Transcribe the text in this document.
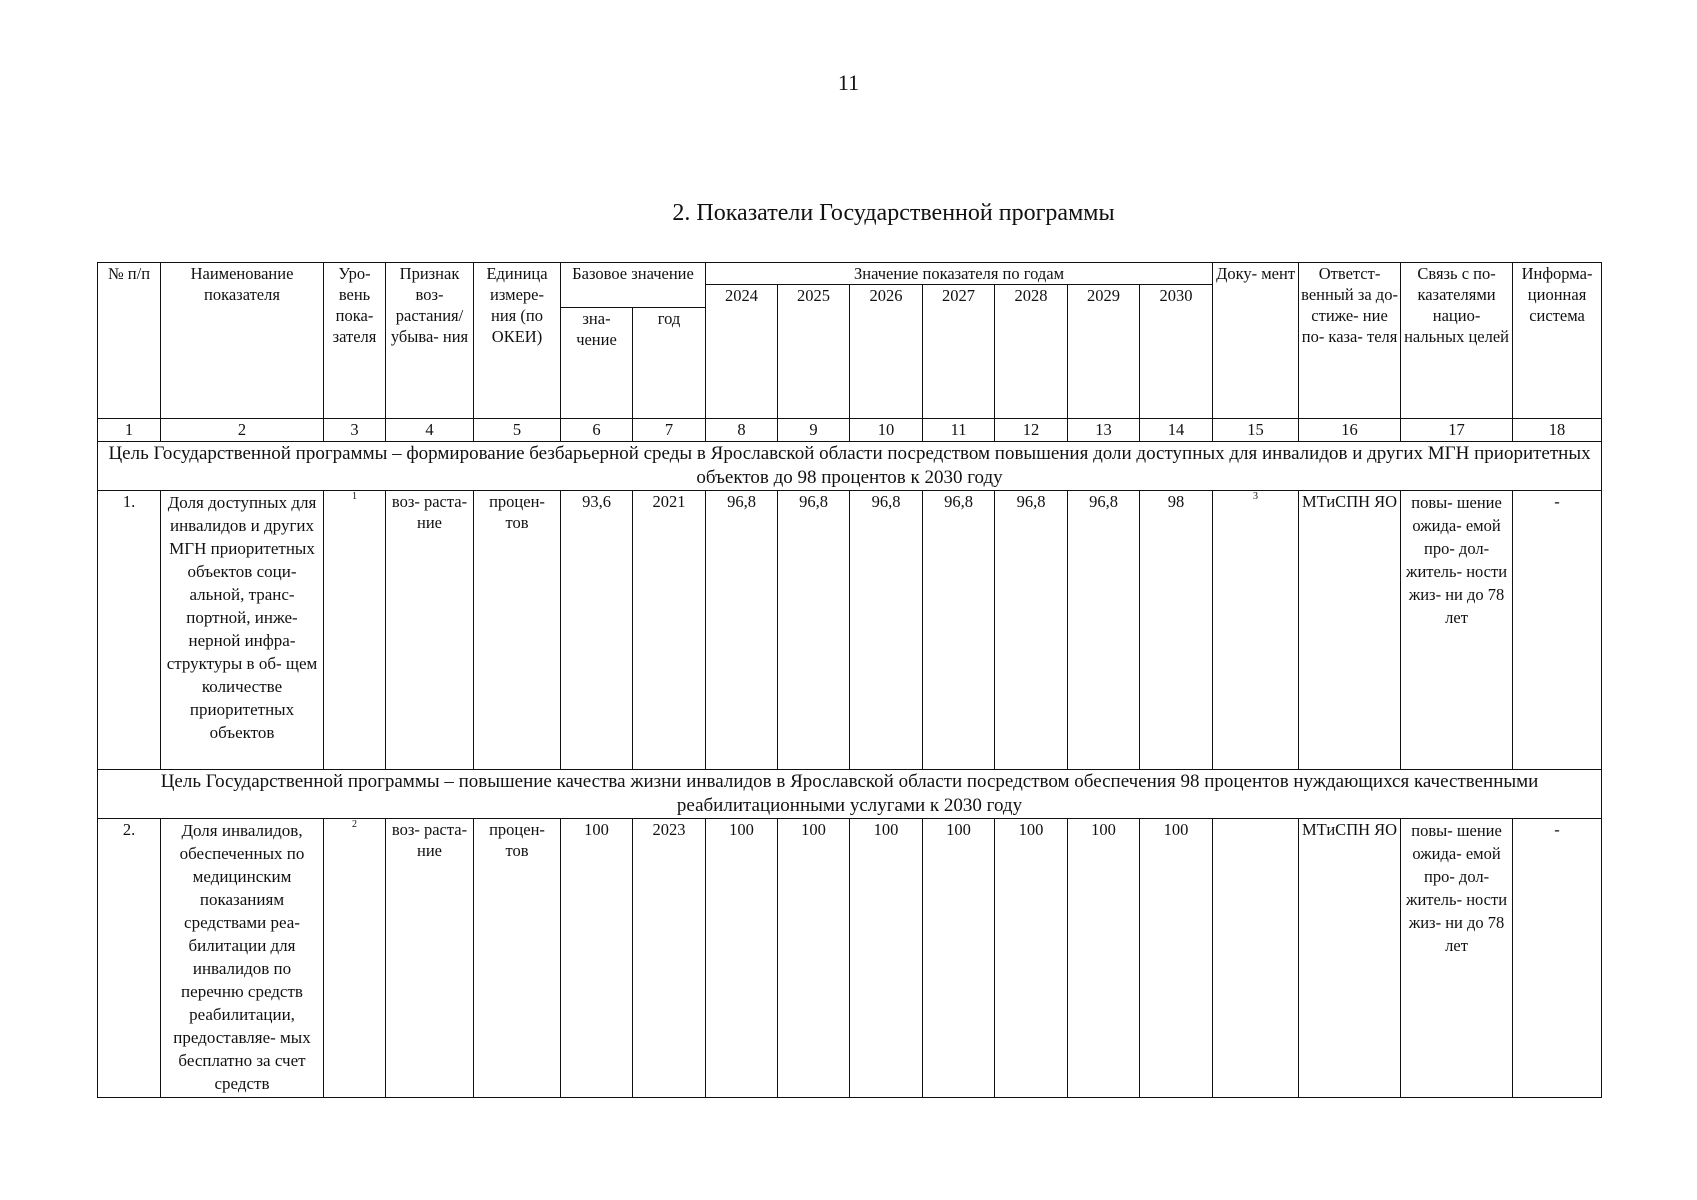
11
2. Показатели Государственной программы
№ п/п	Наименование показателя	Уро- вень пока- зателя	Признак воз- растания/ убыва- ния	Единица измере- ния (по ОКЕИ)	Базовое значение		Значение показателя по годам							Доку- мент	Ответст- венный за до- стиже- ние по- каза- теля	Связь с по- казателями нацио- нальных целей	Информа- ционная система
							2024	2025	2026	2027	2028	2029	2030				
					зна- чение	год											
1	2	3	4	5	6	7	8	9	10	11	12	13	14	15	16	17	18
Цель Государственной программы – формирование безбарьерной среды в Ярославской области посредством повышения доли доступных для инвалидов и других МГН приоритетных объектов до 98 процентов к 2030 году																	
1.	Доля доступных для инвалидов и других МГН приоритетных объектов соци- альной, транс- портной, инже- нерной инфра- структуры в об- щем количестве приоритетных объектов	$^1$	воз- раста- ние	процен- тов	93,6	2021	96,8	96,8	96,8	96,8	96,8	96,8	98	$^3$	МТиСПН ЯО	повы- шение ожида- емой про- дол- житель- ности жиз- ни до 78 лет	-
Цель Государственной программы – повышение качества жизни инвалидов в Ярославской области посредством обеспечения 98 процентов нуждающихся качественными реабилитационными услугами к 2030 году																	
2.	Доля инвалидов, обеспеченных по медицинским показаниям средствами реа- билитации для инвалидов по перечню средств реабилитации, предоставляе- мых бесплатно за счет средств	$^2$	воз- раста- ние	процен- тов	100	2023	100	100	100	100	100	100	100		МТиСПН ЯО	повы- шение ожида- емой про- дол- житель- ности жиз- ни до 78 лет	-
